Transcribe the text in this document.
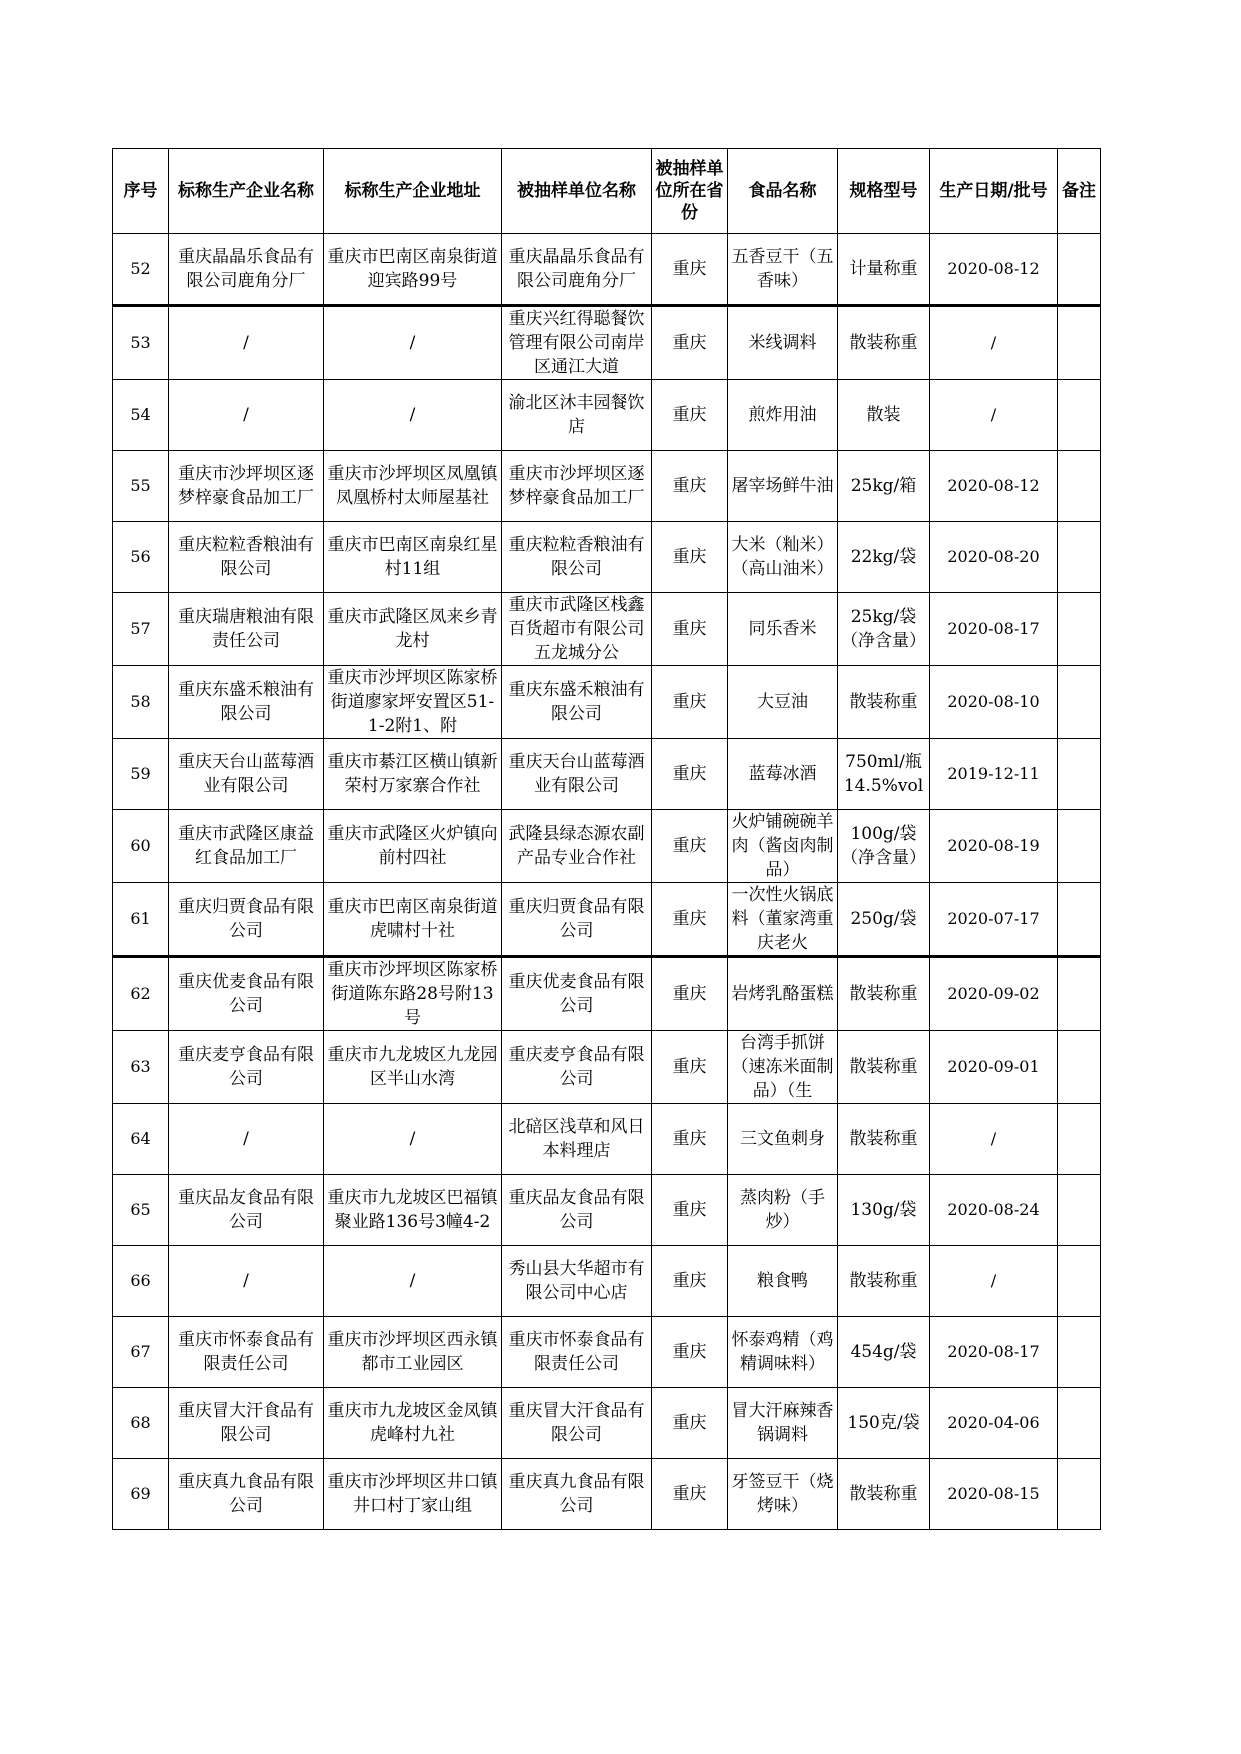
序号	标称生产企业名称	标称生产企业地址	被抽样单位名称	被抽样单位所在省份	食品名称	规格型号	生产日期/批号	备注

52	重庆晶晶乐食品有限公司鹿角分厂	重庆市巴南区南泉街道迎宾路99号	重庆晶晶乐食品有限公司鹿角分厂	重庆	五香豆干（五香味）	计量称重	2020-08-12	

53	/	/	重庆兴红得聪餐饮管理有限公司南岸区通江大道	重庆	米线调料	散装称重	/	

54	/	/	渝北区沐丰园餐饮店	重庆	煎炸用油	散装	/	

55	重庆市沙坪坝区逐梦梓豪食品加工厂	重庆市沙坪坝区凤凰镇凤凰桥村太师屋基社	重庆市沙坪坝区逐梦梓豪食品加工厂	重庆	屠宰场鲜牛油	25kg/箱	2020-08-12	

56	重庆粒粒香粮油有限公司	重庆市巴南区南泉红星村11组	重庆粒粒香粮油有限公司	重庆	大米（籼米）（高山油米）	22kg/袋	2020-08-20	

57	重庆瑞唐粮油有限责任公司	重庆市武隆区凤来乡青龙村	重庆市武隆区栈鑫百货超市有限公司五龙城分公	重庆	同乐香米	25kg/袋（净含量）	2020-08-17	

58	重庆东盛禾粮油有限公司	重庆市沙坪坝区陈家桥街道廖家坪安置区51-1-2附1、附	重庆东盛禾粮油有限公司	重庆	大豆油	散装称重	2020-08-10	

59	重庆天台山蓝莓酒业有限公司	重庆市綦江区横山镇新荣村万家寨合作社	重庆天台山蓝莓酒业有限公司	重庆	蓝莓冰酒	750ml/瓶14.5%vol	2019-12-11	

60	重庆市武隆区康益红食品加工厂	重庆市武隆区火炉镇向前村四社	武隆县绿态源农副产品专业合作社	重庆	火炉铺碗碗羊肉（酱卤肉制品）	100g/袋（净含量）	2020-08-19	

61	重庆归贾食品有限公司	重庆市巴南区南泉街道虎啸村十社	重庆归贾食品有限公司	重庆	一次性火锅底料（董家湾重庆老火	250g/袋	2020-07-17	

62	重庆优麦食品有限公司	重庆市沙坪坝区陈家桥街道陈东路28号附13号	重庆优麦食品有限公司	重庆	岩烤乳酪蛋糕	散装称重	2020-09-02	

63	重庆麦亨食品有限公司	重庆市九龙坡区九龙园区半山水湾	重庆麦亨食品有限公司	重庆	台湾手抓饼（速冻米面制品）（生	散装称重	2020-09-01	

64	/	/	北碚区浅草和风日本料理店	重庆	三文鱼刺身	散装称重	/	

65	重庆品友食品有限公司	重庆市九龙坡区巴福镇聚业路136号3幢4-2	重庆品友食品有限公司	重庆	蒸肉粉（手炒）	130g/袋	2020-08-24	

66	/	/	秀山县大华超市有限公司中心店	重庆	粮食鸭	散装称重	/	

67	重庆市怀泰食品有限责任公司	重庆市沙坪坝区西永镇都市工业园区	重庆市怀泰食品有限责任公司	重庆	怀泰鸡精（鸡精调味料）	454g/袋	2020-08-17	

68	重庆冒大汗食品有限公司	重庆市九龙坡区金凤镇虎峰村九社	重庆冒大汗食品有限公司	重庆	冒大汗麻辣香锅调料	150克/袋	2020-04-06	

69	重庆真九食品有限公司	重庆市沙坪坝区井口镇井口村丁家山组	重庆真九食品有限公司	重庆	牙签豆干（烧烤味）	散装称重	2020-08-15	
